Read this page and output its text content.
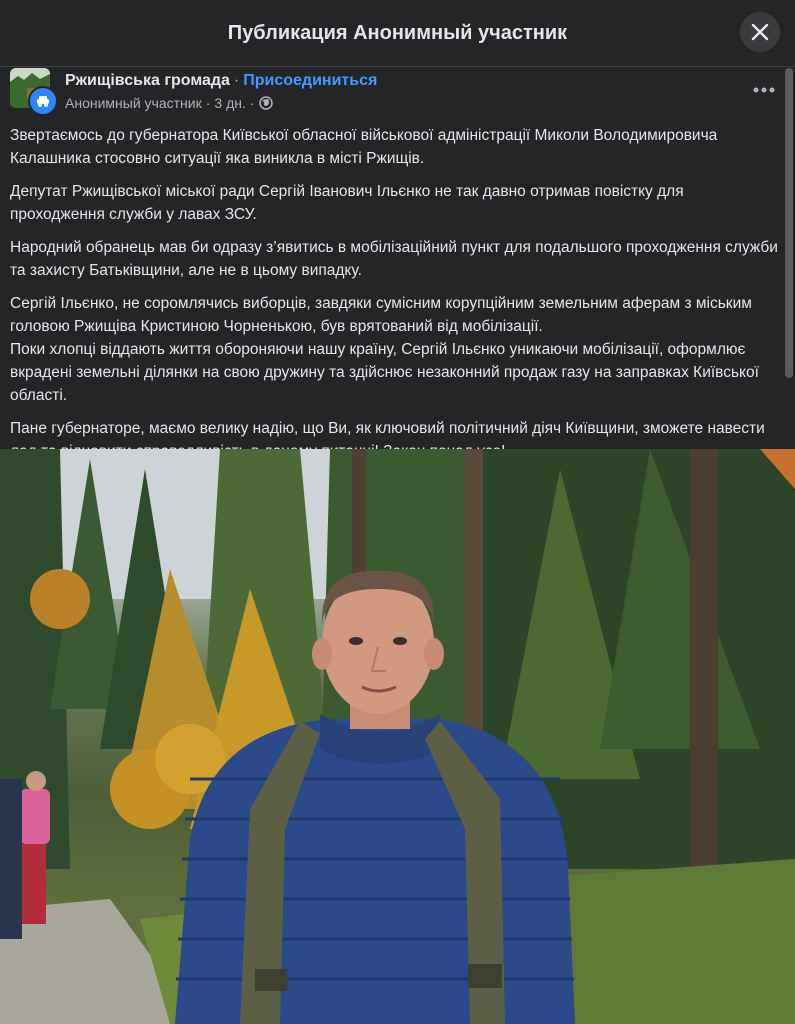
Публикация Анонимный участник
Ржищівська громада · Присоединиться
Анонимный участник · 3 дн. ·

Звертаємось до губернатора Київської обласної військової адміністрації Миколи Володимировича Калашника стосовно ситуації яка виникла в місті Ржищів.

Депутат Ржищівської міської ради Сергій Іванович Ільєнко не так давно отримав повістку для проходження служби у лавах ЗСУ.

Народний обранець мав би одразу з’явитись в мобілізаційний пункт для подальшого проходження служби та захисту Батьківщини, але не в цьому випадку.

Сергій Ільєнко, не соромлячись виборців, завдяки сумісним корупційним земельним аферам з міським головою Ржищіва Кристиною Чорненькою, був врятований від мобілізації.

Поки хлопці віддають життя обороняючи нашу країну, Сергій Ільєнко уникаючи мобілізації, оформлює вкрадені земельні ділянки на свою дружину та здійснює незаконний продаж газу на заправках Київської області.

Пане губернаторе, маємо велику надію, що Ви, як ключовий політичний діяч Київщини, зможете навести
